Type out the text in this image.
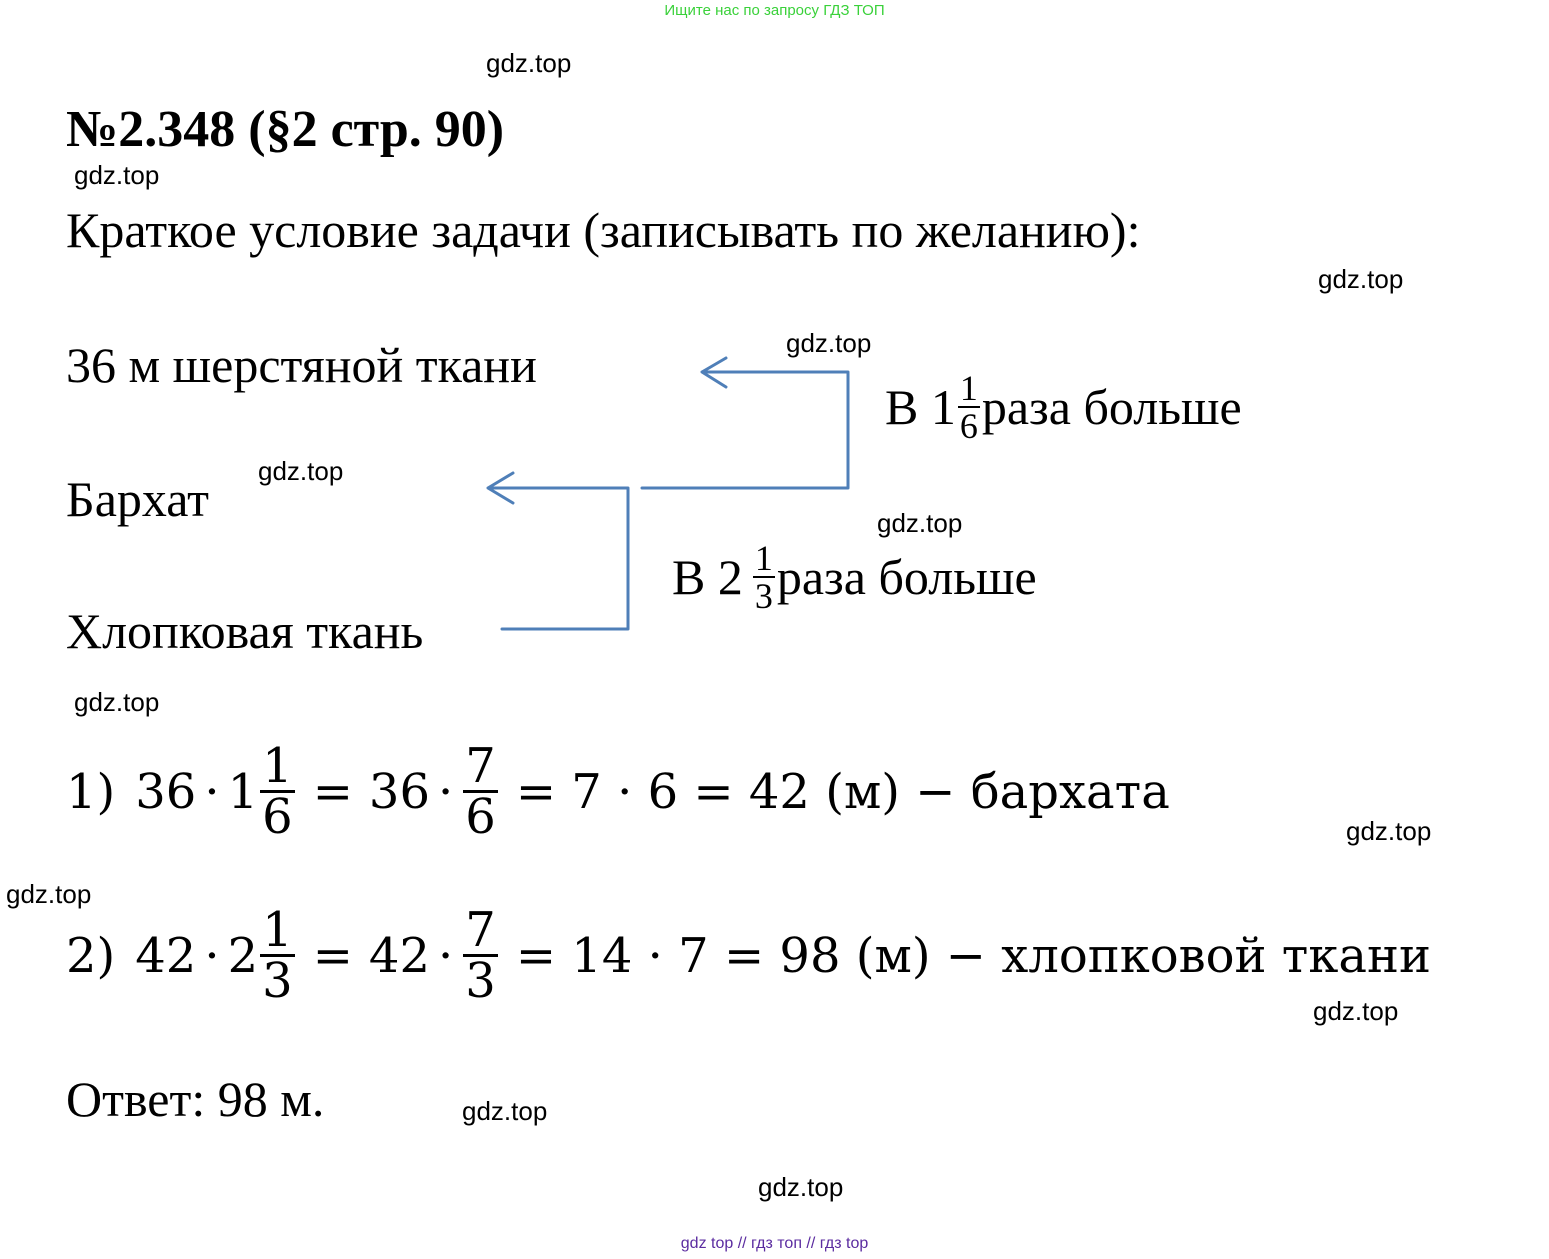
Ищите нас по запросу ГДЗ ТОП
gdz.top
gdz.top
gdz.top
gdz.top
gdz.top
gdz.top
gdz.top
gdz.top
gdz.top
gdz.top
gdz.top
gdz.top
№2.348 (§2 стр. 90)
Краткое условие задачи (записывать по желанию):
36 м шерстяной ткани
Бархат
Хлопковая ткань
В $1 \frac{1}{6}$ раза больше
В $2 \frac{1}{3}$ раза больше
1) $36 \cdot 1 \frac{1}{6} = 36 \cdot \frac{7}{6} = 7 \cdot 6 = 42$ (м) − бархата
2) $42 \cdot 2 \frac{1}{3} = 42 \cdot \frac{7}{3} = 14 \cdot 7 = 98$ (м) − хлопковой ткани
Ответ: 98 м.
gdz top // гдз топ // гдз top
